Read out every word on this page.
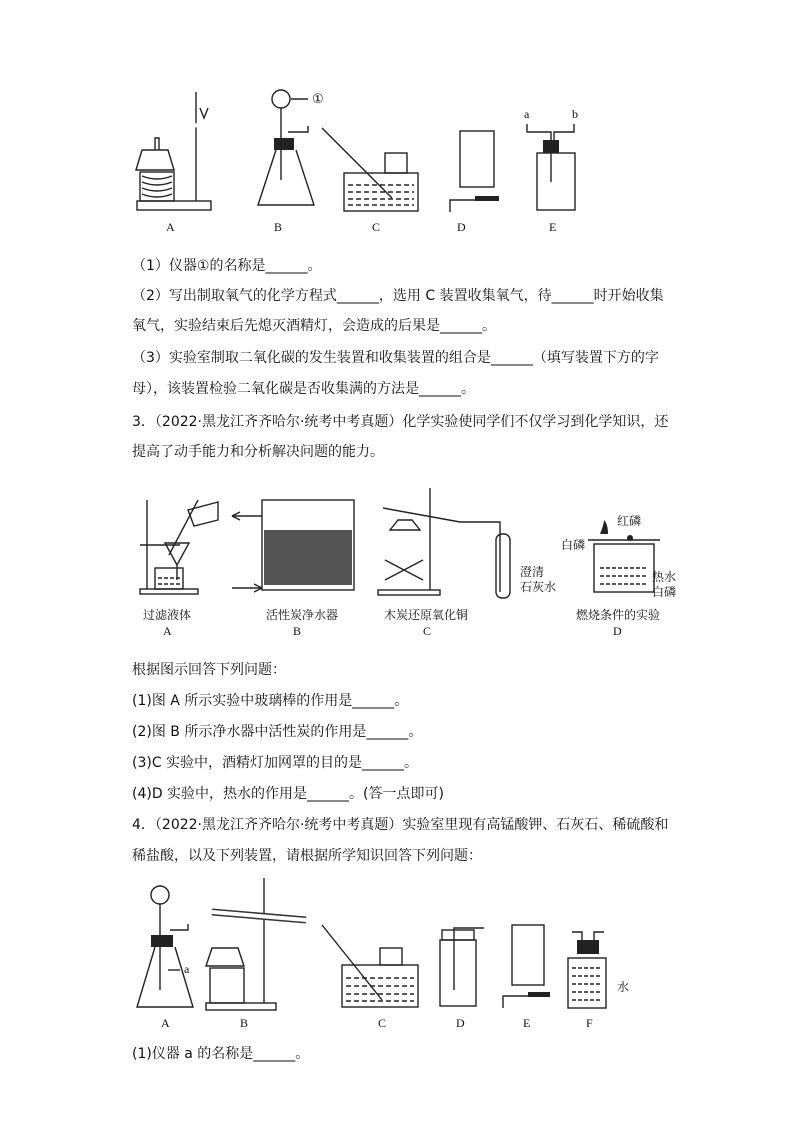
①
a	b
A	B	C	D	E
（1）仪器①的名称是______。
（2）写出制取氧气的化学方程式______，选用 C 装置收集氧气，待______时开始收集
氧气，实验结束后先熄灭酒精灯，会造成的后果是______。
（3）实验室制取二氧化碳的发生装置和收集装置的组合是______（填写装置下方的字
母），该装置检验二氧化碳是否收集满的方法是______。
3．（2022·黑龙江齐齐哈尔·统考中考真题）化学实验使同学们不仅学习到化学知识，还
提高了动手能力和分析解决问题的能力。
澄清
石灰水
白磷
红磷
热水
白磷
过滤液体	活性炭净水器	木炭还原氧化铜	燃烧条件的实验
A	B	C	D
根据图示回答下列问题：
(1)图 A 所示实验中玻璃棒的作用是______。
(2)图 B 所示净水器中活性炭的作用是______。
(3)C 实验中，酒精灯加网罩的目的是______。
(4)D 实验中，热水的作用是______。(答一点即可)
4．（2022·黑龙江齐齐哈尔·统考中考真题）实验室里现有高锰酸钾、石灰石、稀硫酸和
稀盐酸，以及下列装置，请根据所学知识回答下列问题：
a
水
A	B	C	D	E	F
(1)仪器 a 的名称是______。
